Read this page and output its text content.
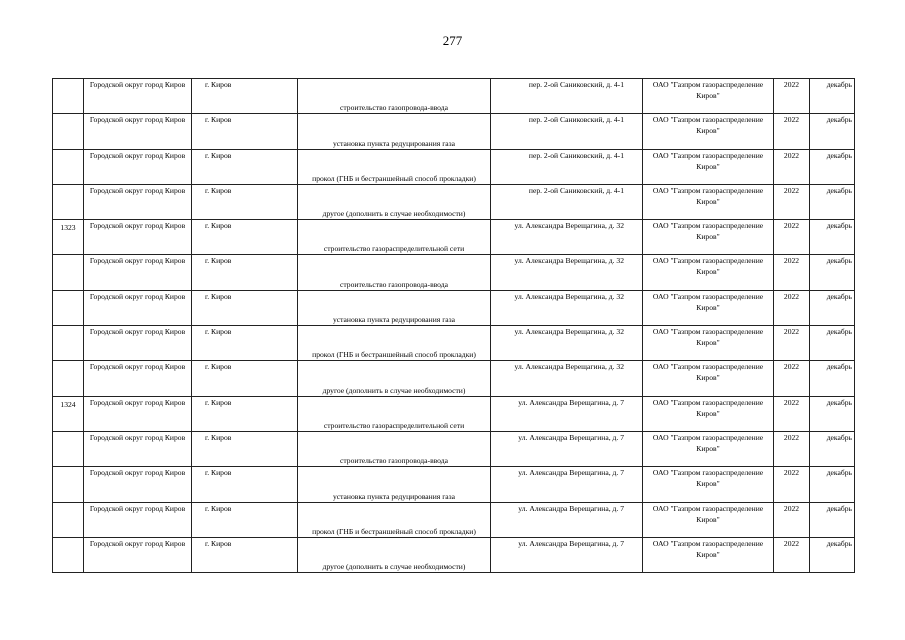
277
	Городской округ город Киров	г. Киров	строительство газопровода-ввода	пер. 2-ой Саниковский, д. 4-1	ОАО "Газпром газораспределение Киров"	2022	декабрь
	Городской округ город Киров	г. Киров	установка пункта редуцирования газа	пер. 2-ой Саниковский, д. 4-1	ОАО "Газпром газораспределение Киров"	2022	декабрь
	Городской округ город Киров	г. Киров	прокол (ГНБ и бестраншейный способ прокладки)	пер. 2-ой Саниковский, д. 4-1	ОАО "Газпром газораспределение Киров"	2022	декабрь
	Городской округ город Киров	г. Киров	другое (дополнить в случае необходимости)	пер. 2-ой Саниковский, д. 4-1	ОАО "Газпром газораспределение Киров"	2022	декабрь
1323	Городской округ город Киров	г. Киров	строительство газораспределительной сети	ул. Александра Верещагина, д. 32	ОАО "Газпром газораспределение Киров"	2022	декабрь
	Городской округ город Киров	г. Киров	строительство газопровода-ввода	ул. Александра Верещагина, д. 32	ОАО "Газпром газораспределение Киров"	2022	декабрь
	Городской округ город Киров	г. Киров	установка пункта редуцирования газа	ул. Александра Верещагина, д. 32	ОАО "Газпром газораспределение Киров"	2022	декабрь
	Городской округ город Киров	г. Киров	прокол (ГНБ и бестраншейный способ прокладки)	ул. Александра Верещагина, д. 32	ОАО "Газпром газораспределение Киров"	2022	декабрь
	Городской округ город Киров	г. Киров	другое (дополнить в случае необходимости)	ул. Александра Верещагина, д. 32	ОАО "Газпром газораспределение Киров"	2022	декабрь
1324	Городской округ город Киров	г. Киров	строительство газораспределительной сети	ул. Александра Верещагина, д. 7	ОАО "Газпром газораспределение Киров"	2022	декабрь
	Городской округ город Киров	г. Киров	строительство газопровода-ввода	ул. Александра Верещагина, д. 7	ОАО "Газпром газораспределение Киров"	2022	декабрь
	Городской округ город Киров	г. Киров	установка пункта редуцирования газа	ул. Александра Верещагина, д. 7	ОАО "Газпром газораспределение Киров"	2022	декабрь
	Городской округ город Киров	г. Киров	прокол (ГНБ и бестраншейный способ прокладки)	ул. Александра Верещагина, д. 7	ОАО "Газпром газораспределение Киров"	2022	декабрь
	Городской округ город Киров	г. Киров	другое (дополнить в случае необходимости)	ул. Александра Верещагина, д. 7	ОАО "Газпром газораспределение Киров"	2022	декабрь
